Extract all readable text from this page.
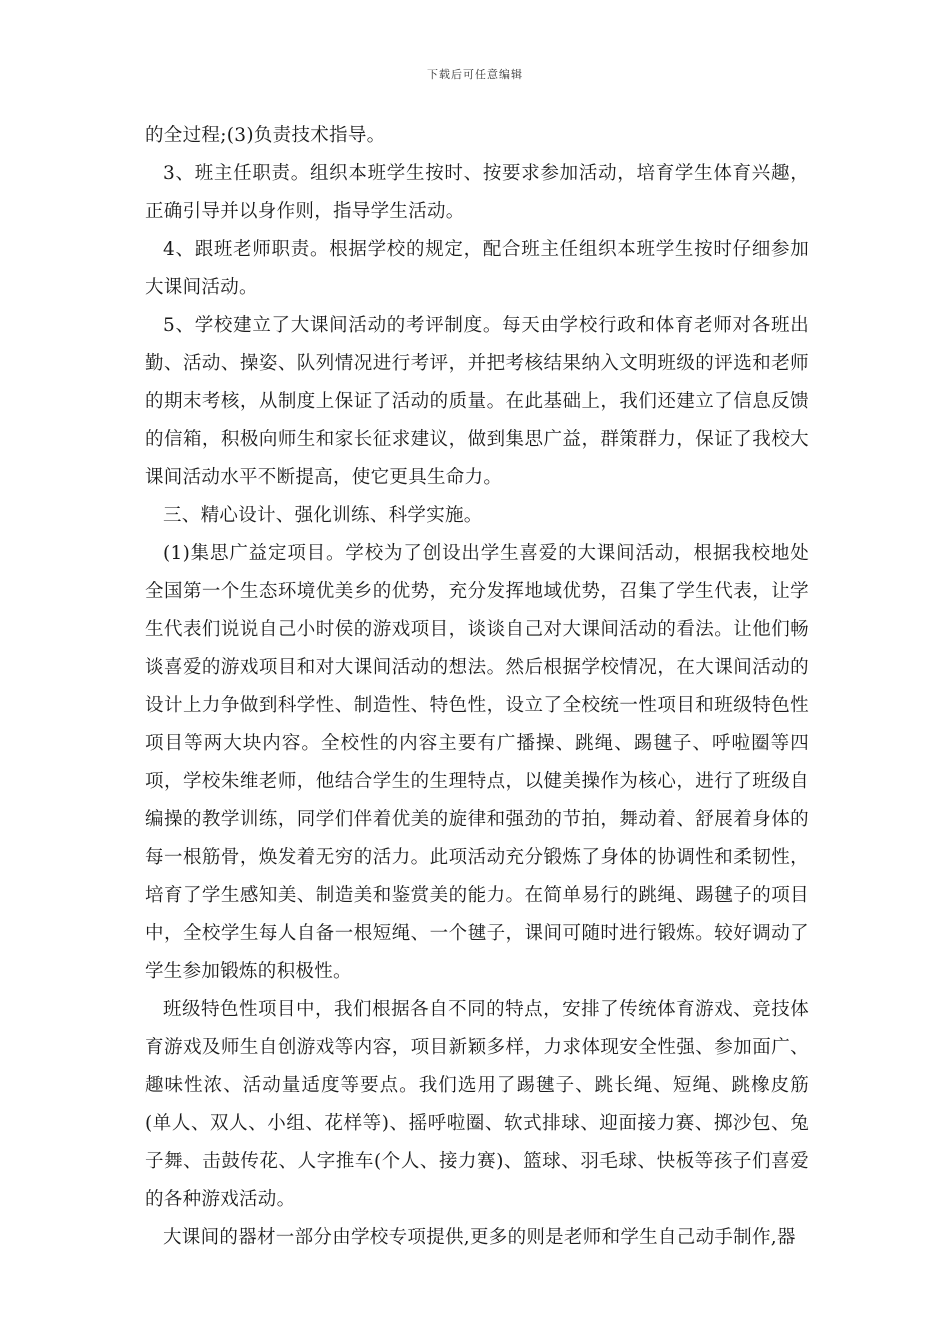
下载后可任意编辑

的全过程;(3)负责技术指导。

3、班主任职责。组织本班学生按时、按要求参加活动，培育学生体育兴趣，正确引导并以身作则，指导学生活动。

4、跟班老师职责。根据学校的规定，配合班主任组织本班学生按时仔细参加大课间活动。

5、学校建立了大课间活动的考评制度。每天由学校行政和体育老师对各班出勤、活动、操姿、队列情况进行考评，并把考核结果纳入文明班级的评选和老师的期末考核，从制度上保证了活动的质量。在此基础上，我们还建立了信息反馈的信箱，积极向师生和家长征求建议，做到集思广益，群策群力，保证了我校大课间活动水平不断提高，使它更具生命力。

三、精心设计、强化训练、科学实施。

(1)集思广益定项目。学校为了创设出学生喜爱的大课间活动，根据我校地处全国第一个生态环境优美乡的优势，充分发挥地域优势，召集了学生代表，让学生代表们说说自己小时侯的游戏项目，谈谈自己对大课间活动的看法。让他们畅谈喜爱的游戏项目和对大课间活动的想法。然后根据学校情况，在大课间活动的设计上力争做到科学性、制造性、特色性，设立了全校统一性项目和班级特色性项目等两大块内容。全校性的内容主要有广播操、跳绳、踢毽子、呼啦圈等四项，学校朱维老师，他结合学生的生理特点，以健美操作为核心，进行了班级自编操的教学训练，同学们伴着优美的旋律和强劲的节拍，舞动着、舒展着身体的每一根筋骨，焕发着无穷的活力。此项活动充分锻炼了身体的协调性和柔韧性，培育了学生感知美、制造美和鉴赏美的能力。在简单易行的跳绳、踢毽子的项目中，全校学生每人自备一根短绳、一个毽子，课间可随时进行锻炼。较好调动了学生参加锻炼的积极性。

班级特色性项目中，我们根据各自不同的特点，安排了传统体育游戏、竞技体育游戏及师生自创游戏等内容，项目新颖多样，力求体现安全性强、参加面广、趣味性浓、活动量适度等要点。我们选用了踢毽子、跳长绳、短绳、跳橡皮筋(单人、双人、小组、花样等)、摇呼啦圈、软式排球、迎面接力赛、掷沙包、兔子舞、击鼓传花、人字推车(个人、接力赛)、篮球、羽毛球、快板等孩子们喜爱的各种游戏活动。

大课间的器材一部分由学校专项提供,更多的则是老师和学生自己动手制作,器
